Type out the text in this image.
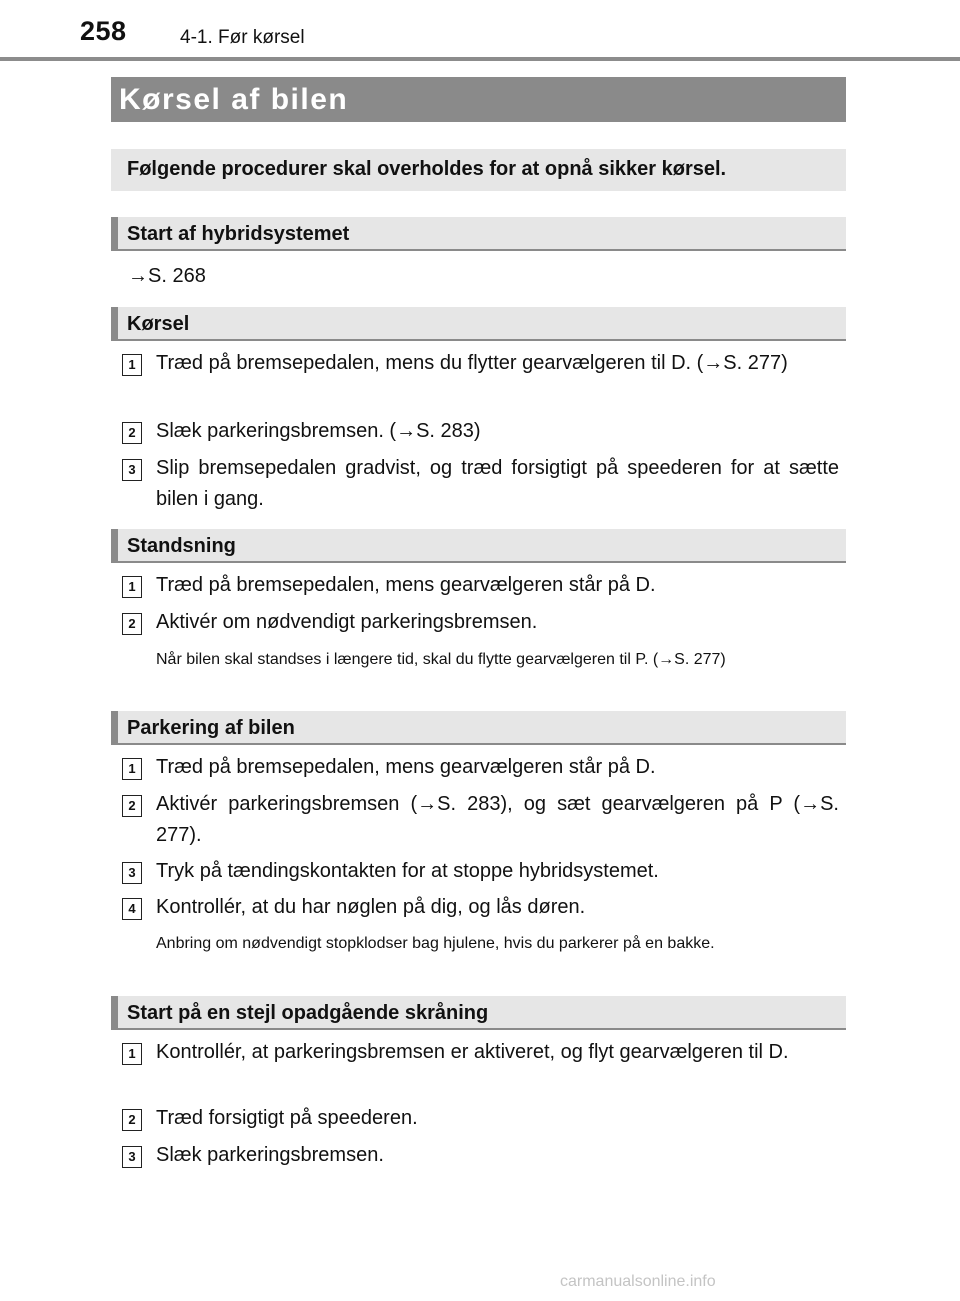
258	4-1. Før kørsel
Kørsel af bilen
Følgende procedurer skal overholdes for at opnå sikker kørsel.
Start af hybridsystemet
→S. 268
Kørsel
1	Træd på bremsepedalen, mens du flytter gearvælgeren til D. (→S. 277)
2	Slæk parkeringsbremsen. (→S. 283)
3	Slip bremsepedalen gradvist, og træd forsigtigt på speederen for at sætte bilen i gang.
Standsning
1	Træd på bremsepedalen, mens gearvælgeren står på D.
2	Aktivér om nødvendigt parkeringsbremsen.
Når bilen skal standses i længere tid, skal du flytte gearvælgeren til P. (→S. 277)
Parkering af bilen
1	Træd på bremsepedalen, mens gearvælgeren står på D.
2	Aktivér parkeringsbremsen (→S. 283), og sæt gearvælgeren på P (→S. 277).
3	Tryk på tændingskontakten for at stoppe hybridsystemet.
4	Kontrollér, at du har nøglen på dig, og lås døren.
Anbring om nødvendigt stopklodser bag hjulene, hvis du parkerer på en bakke.
Start på en stejl opadgående skråning
1	Kontrollér, at parkeringsbremsen er aktiveret, og flyt gearvælgeren til D.
2	Træd forsigtigt på speederen.
3	Slæk parkeringsbremsen.
carmanualsonline.info
